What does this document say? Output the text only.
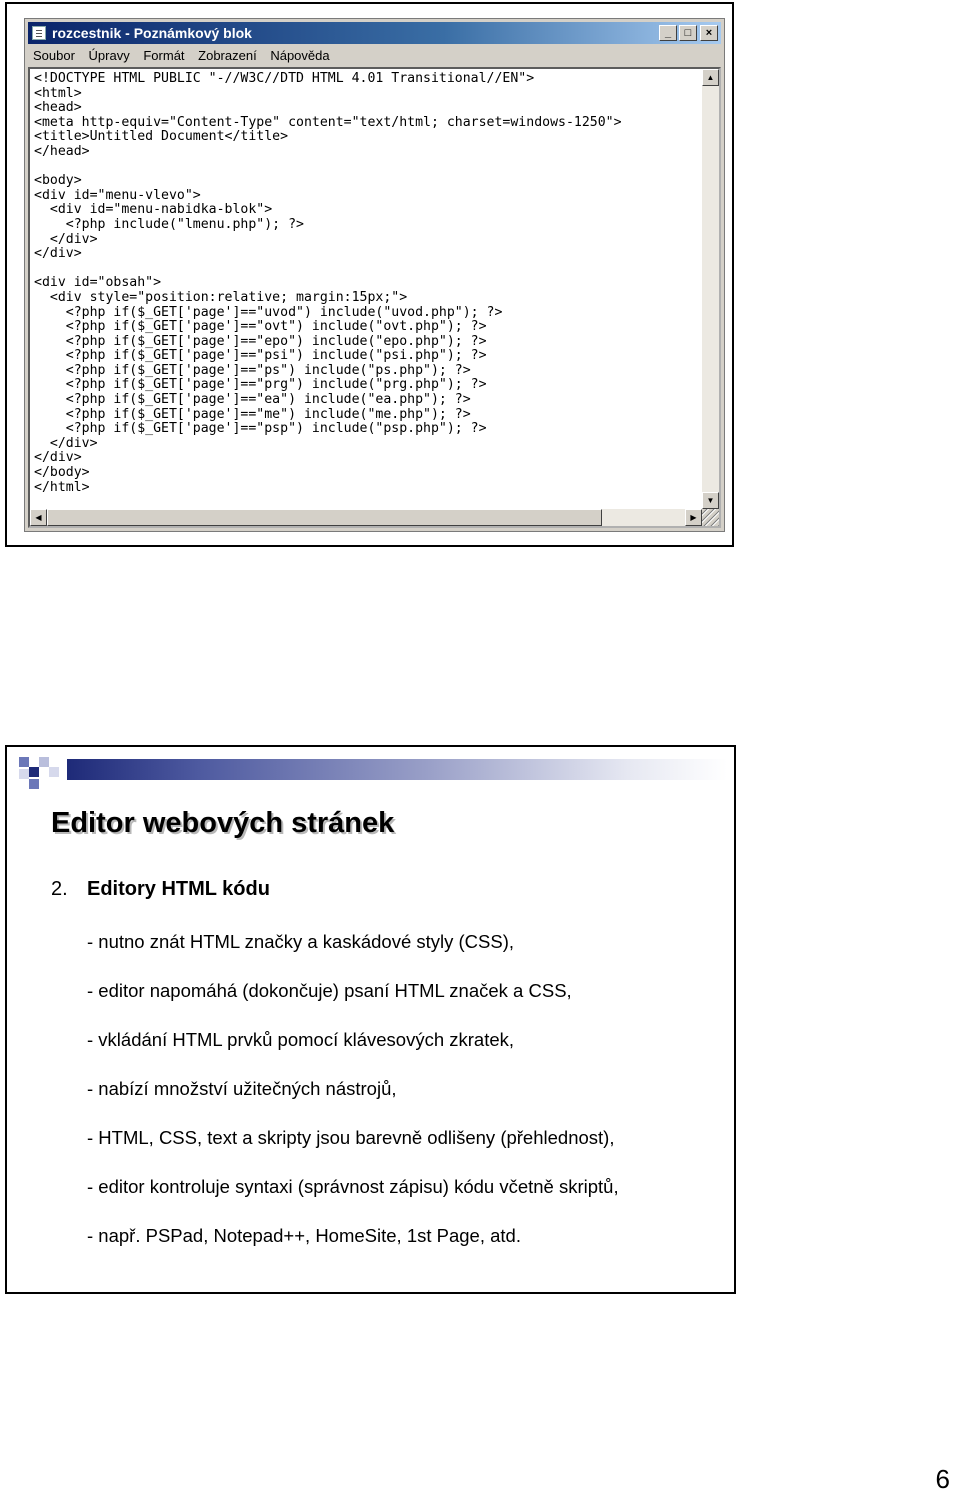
rozcestnik - Poznámkový blok	_	□	×
Soubor Úpravy Formát Zobrazení Nápověda
<!DOCTYPE HTML PUBLIC "-//W3C//DTD HTML 4.01 Transitional//EN">
<html>
<head>
<meta http-equiv="Content-Type" content="text/html; charset=windows-1250">
<title>Untitled Document</title>
</head>

<body>
<div id="menu-vlevo">
<div id="menu-nabidka-blok">
<?php include("lmenu.php"); ?>
</div>
</div>

<div id="obsah">
<div style="position:relative; margin:15px;">
<?php if($_GET['page']=="uvod") include("uvod.php"); ?>
<?php if($_GET['page']=="ovt") include("ovt.php"); ?>
<?php if($_GET['page']=="epo") include("epo.php"); ?>
<?php if($_GET['page']=="psi") include("psi.php"); ?>
<?php if($_GET['page']=="ps") include("ps.php"); ?>
<?php if($_GET['page']=="prg") include("prg.php"); ?>
<?php if($_GET['page']=="ea") include("ea.php"); ?>
<?php if($_GET['page']=="me") include("me.php"); ?>
<?php if($_GET['page']=="psp") include("psp.php"); ?>
</div>
</div>
</body>
</html>
▲
▼
◀	▶
Editor webových stránek
2. Editory HTML kódu
- nutno znát HTML značky a kaskádové styly (CSS),
- editor napomáhá (dokončuje) psaní HTML značek a CSS,
- vkládání HTML prvků pomocí klávesových zkratek,
- nabízí množství užitečných nástrojů,
- HTML, CSS, text a skripty jsou barevně odlišeny (přehlednost),
- editor kontroluje syntaxi (správnost zápisu) kódu včetně skriptů,
- např. PSPad, Notepad++, HomeSite, 1st Page, atd.
6
